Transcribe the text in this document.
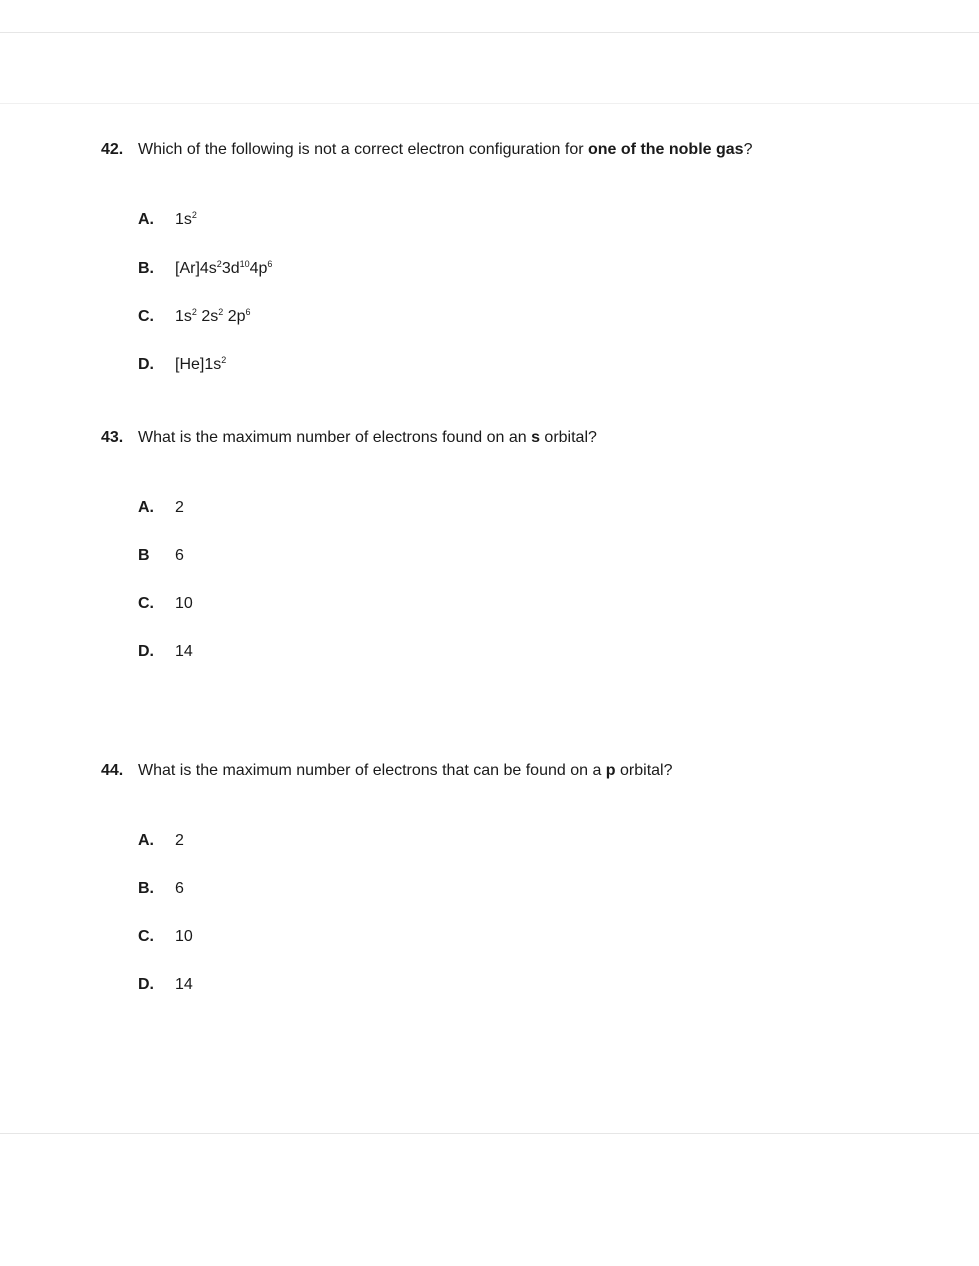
42. Which of the following is not a correct electron configuration for one of the noble gas?
A. $1s^2$
B. $[Ar]4s^23d^{10}4p^6$
C. $1s^2$ $2s^2$ $2p^6$
D. $[He]1s^2$
43. What is the maximum number of electrons found on an s orbital?
A. 2
B 6
C. 10
D. 14
44. What is the maximum number of electrons that can be found on a p orbital?
A. 2
B. 6
C. 10
D. 14
